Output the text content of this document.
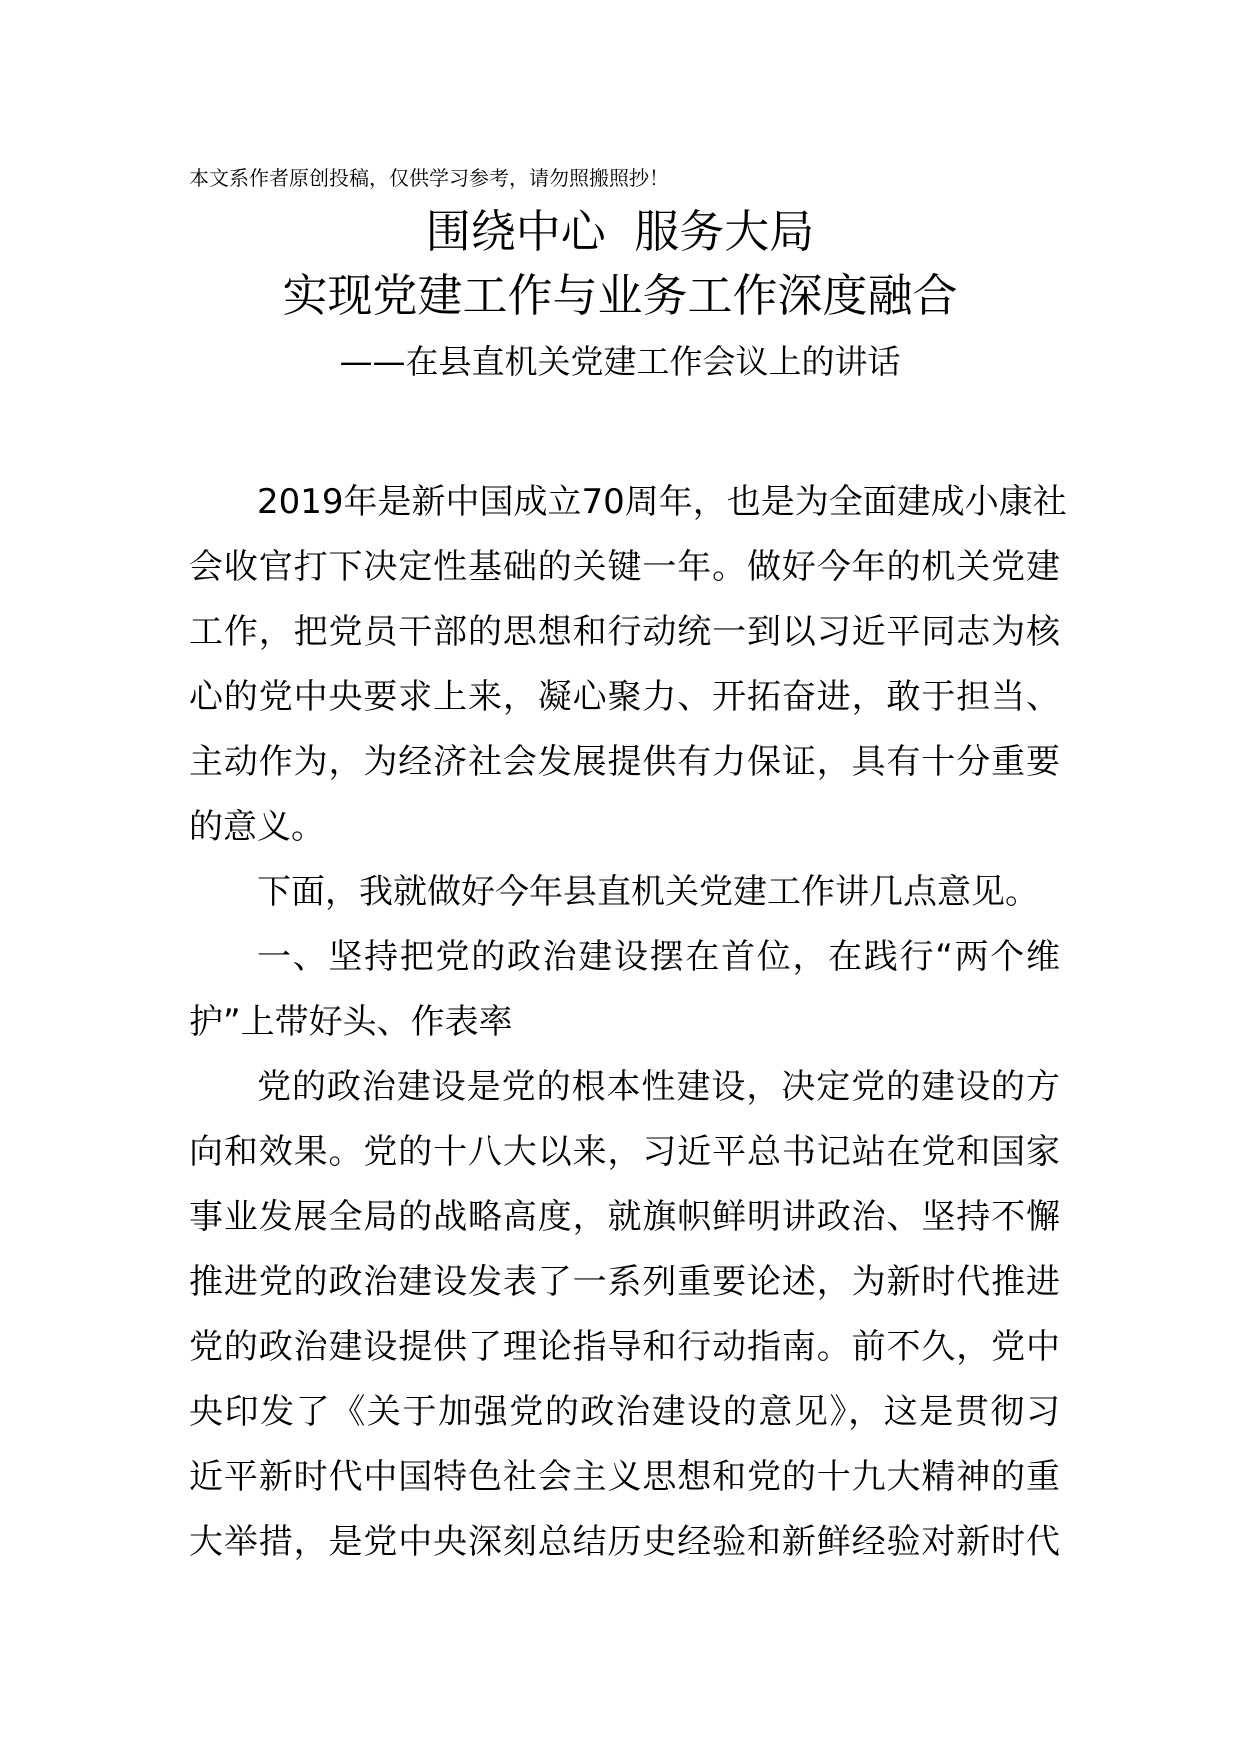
本文系作者原创投稿，仅供学习参考，请勿照搬照抄！
围绕中心  服务大局
实现党建工作与业务工作深度融合
——在县直机关党建工作会议上的讲话
2019年是新中国成立70周年，也是为全面建成小康社
会收官打下决定性基础的关键一年。做好今年的机关党建
工作，把党员干部的思想和行动统一到以习近平同志为核
心的党中央要求上来，凝心聚力、开拓奋进，敢于担当、
主动作为，为经济社会发展提供有力保证，具有十分重要
的意义。
下面，我就做好今年县直机关党建工作讲几点意见。
一、坚持把党的政治建设摆在首位，在践行“两个维
护”上带好头、作表率
党的政治建设是党的根本性建设，决定党的建设的方
向和效果。党的十八大以来，习近平总书记站在党和国家
事业发展全局的战略高度，就旗帜鲜明讲政治、坚持不懈
推进党的政治建设发表了一系列重要论述，为新时代推进
党的政治建设提供了理论指导和行动指南。前不久，党中
央印发了《关于加强党的政治建设的意见》，这是贯彻习
近平新时代中国特色社会主义思想和党的十九大精神的重
大举措，是党中央深刻总结历史经验和新鲜经验对新时代
